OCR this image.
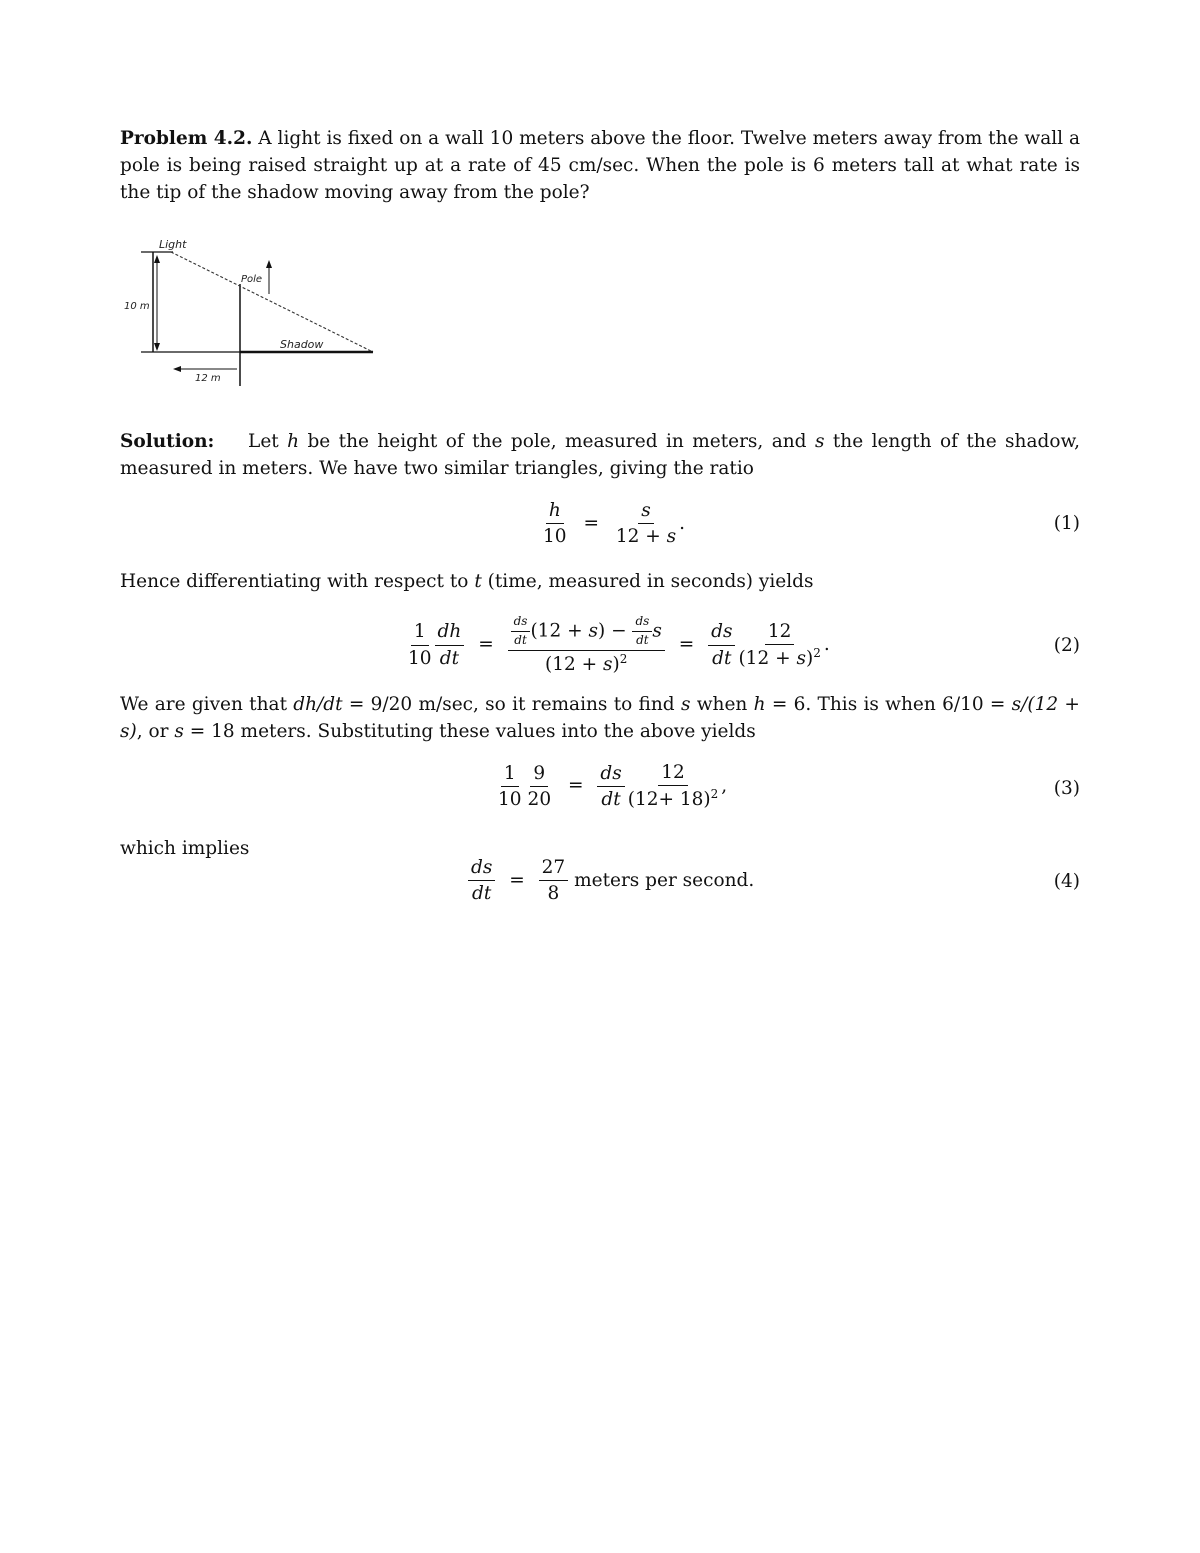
Problem 4.2. A light is fixed on a wall 10 meters above the floor. Twelve meters away from the wall a pole is being raised straight up at a rate of 45 cm/sec. When the pole is 6 meters tall at what rate is the tip of the shadow moving away from the pole?
Light
Pole
10 m
Shadow
12 m
Solution: Let h be the height of the pole, measured in meters, and s the length of the shadow, measured in meters. We have two similar triangles, giving the ratio
$\frac{h}{10} = \frac{s}{12 + s}$ .	(1)
Hence differentiating with respect to t (time, measured in seconds) yields
$\frac{1}{10} \frac{dh}{dt} = \frac{ds}{dt} (12 + s) - \frac{ds}{dt}$ s
$(12 + s)^2$
= $\frac{ds}{dt} \frac{12}{(12 + s)^2}$ .	(2)
We are given that dh/dt = 9/20 m/sec, so it remains to find s when h = 6. This is when 6/10 = s/(12 + s), or s = 18 meters. Substituting these values into the above yields
$\frac{1}{10} \frac{9}{20} = \frac{ds}{dt} \frac{12}{(12+ 18)^2}$ ,	(3)
which implies
$\frac{ds}{dt} = \frac{27}{8}$ meters per second.	(4)
